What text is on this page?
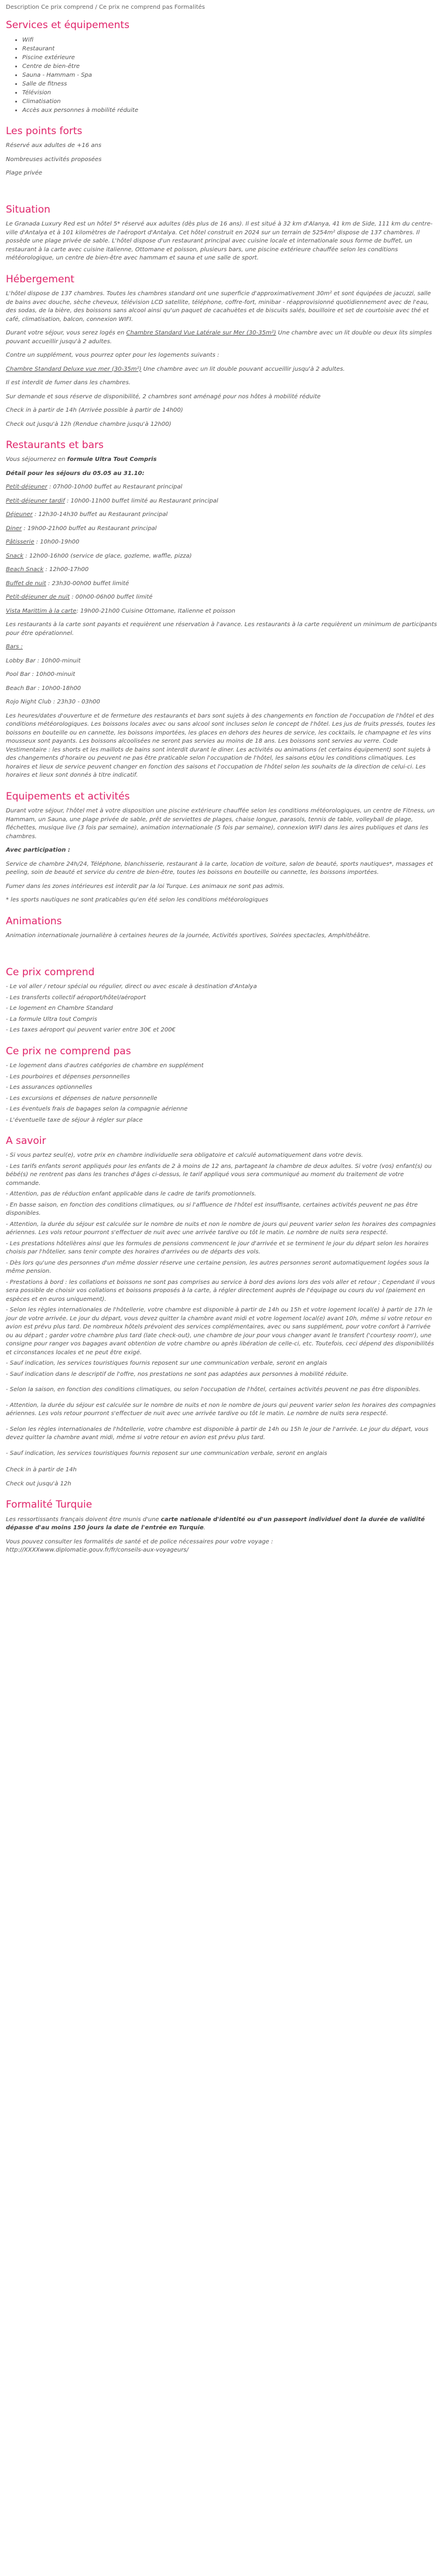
Description Ce prix comprend / Ce prix ne comprend pas Formalités

Services et équipements
• Wifi
• Restaurant
• Piscine extérieure
• Centre de bien-être
• Sauna - Hammam - Spa
• Salle de fitness
• Télévision
• Climatisation
• Accès aux personnes à mobilité réduite
Les points forts

Réservé aux adultes de +16 ans

Nombreuses activités proposées

Plage privée

Situation

Le Granada Luxury Red est un hôtel 5* réservé aux adultes (dès plus de 16 ans). Il est situé à 32 km d'Alanya, 41 km de Side, 111 km du centre-ville d'Antalya et à 101 kilomètres de l'aéroport d'Antalya. Cet hôtel construit en 2024 sur un terrain de 5254m² dispose de 137 chambres. Il possède une plage privée de sable. L'hôtel dispose d'un restaurant principal avec cuisine locale et internationale sous forme de buffet, un restaurant à la carte avec cuisine italienne, Ottomane et poisson, plusieurs bars, une piscine extérieure chauffée selon les conditions météorologique, un centre de bien-être avec hammam et sauna et une salle de sport.

Hébergement

L'hôtel dispose de 137 chambres. Toutes les chambres standard ont une superficie d'approximativement 30m² et sont équipées de jacuzzi, salle de bains avec douche, sèche cheveux, télévision LCD satellite, téléphone, coffre-fort, minibar - réapprovisionné quotidiennement avec de l'eau, des sodas, de la bière, des boissons sans alcool ainsi qu'un paquet de cacahuètes et de biscuits salés, bouilloire et set de courtoisie avec thé et café, climatisation, balcon, connexion WIFI.

Durant votre séjour, vous serez logés en Chambre Standard Vue Latérale sur Mer (30-35m²) Une chambre avec un lit double ou deux lits simples pouvant accueillir jusqu'à 2 adultes.

Contre un supplément, vous pourrez opter pour les logements suivants :

Chambre Standard Deluxe vue mer (30-35m²) Une chambre avec un lit double pouvant accueillir jusqu'à 2 adultes.

Il est interdit de fumer dans les chambres.

Sur demande et sous réserve de disponibilité, 2 chambres sont aménagé pour nos hôtes à mobilité réduite

Check in à partir de 14h (Arrivée possible à partir de 14h00)

Check out jusqu'à 12h (Rendue chambre jusqu'à 12h00)

Restaurants et bars

Vous séjournerez en formule Ultra Tout Compris

Détail pour les séjours du 05.05 au 31.10:

Petit-déjeuner : 07h00-10h00 buffet au Restaurant principal

Petit-déjeuner tardif : 10h00-11h00 buffet limité au Restaurant principal

Déjeuner : 12h30-14h30 buffet au Restaurant principal

Diner : 19h00-21h00 buffet au Restaurant principal

Pâtisserie : 10h00-19h00

Snack : 12h00-16h00 (service de glace, gozleme, waffle, pizza)

Beach Snack : 12h00-17h00

Buffet de nuit : 23h30-00h00 buffet limité

Petit-déjeuner de nuit : 00h00-06h00 buffet limité

Vista Marittim à la carte: 19h00-21h00 Cuisine Ottomane, Italienne et poisson

Les restaurants à la carte sont payants et requièrent une réservation à l'avance. Les restaurants à la carte requièrent un minimum de participants pour être opérationnel.

Bars :

Lobby Bar : 10h00-minuit

Pool Bar : 10h00-minuit

Beach Bar : 10h00-18h00

Rojo Night Club : 23h30 - 03h00

Les heures/dates d'ouverture et de fermeture des restaurants et bars sont sujets à des changements en fonction de l'occupation de l'hôtel et des conditions météorologiques. Les boissons locales avec ou sans alcool sont incluses selon le concept de l'hôtel. Les jus de fruits pressés, toutes les boissons en bouteille ou en cannette, les boissons importées, les glaces en dehors des heures de service, les cocktails, le champagne et les vins mousseux sont payants. Les boissons alcoolisées ne seront pas servies au moins de 18 ans. Les boissons sont servies au verre. Code Vestimentaire : les shorts et les maillots de bains sont interdit durant le diner. Les activités ou animations (et certains équipement) sont sujets à des changements d'horaire ou peuvent ne pas être praticable selon l'occupation de l'hôtel, les saisons et/ou les conditions climatiques. Les horaires et lieux de service peuvent changer en fonction des saisons et l'occupation de l'hôtel selon les souhaits de la direction de celui-ci. Les horaires et lieux sont donnés à titre indicatif.

Equipements et activités

Durant votre séjour, l'hôtel met à votre disposition une piscine extérieure chauffée selon les conditions météorologiques, un centre de Fitness, un Hammam, un Sauna, une plage privée de sable, prêt de serviettes de plages, chaise longue, parasols, tennis de table, volleyball de plage, fléchettes, musique live (3 fois par semaine), animation internationale (5 fois par semaine), connexion WIFI dans les aires publiques et dans les chambres.

Avec participation :

Service de chambre 24h/24, Téléphone, blanchisserie, restaurant à la carte, location de voiture, salon de beauté, sports nautiques*, massages et peeling, soin de beauté et service du centre de bien-être, toutes les boissons en bouteille ou cannette, les boissons importées.

Fumer dans les zones intérieures est interdit par la loi Turque. Les animaux ne sont pas admis.

* les sports nautiques ne sont praticables qu'en été selon les conditions météorologiques

Animations

Animation internationale journalière à certaines heures de la journée, Activités sportives, Soirées spectacles, Amphithéâtre.

Ce prix comprend

- Le vol aller / retour spécial ou régulier, direct ou avec escale à destination d'Antalya

- Les transferts collectif aéroport/hôtel/aéroport

- Le logement en Chambre Standard

- La formule Ultra tout Compris

- Les taxes aéroport qui peuvent varier entre 30€ et 200€

Ce prix ne comprend pas

- Le logement dans d'autres catégories de chambre en supplément

- Les pourboires et dépenses personnelles

- Les assurances optionnelles

- Les excursions et dépenses de nature personnelle

- Les éventuels frais de bagages selon la compagnie aérienne

- L'éventuelle taxe de séjour à régler sur place

A savoir

- Si vous partez seul(e), votre prix en chambre individuelle sera obligatoire et calculé automatiquement dans votre devis.

- Les tarifs enfants seront appliqués pour les enfants de 2 à moins de 12 ans, partageant la chambre de deux adultes. Si votre (vos) enfant(s) ou bébé(s) ne rentrent pas dans les tranches d'âges ci-dessus, le tarif appliqué vous sera communiqué au moment du traitement de votre commande.

- Attention, pas de réduction enfant applicable dans le cadre de tarifs promotionnels.

- En basse saison, en fonction des conditions climatiques, ou si l'affluence de l'hôtel est insuffisante, certaines activités peuvent ne pas être disponibles.

- Attention, la durée du séjour est calculée sur le nombre de nuits et non le nombre de jours qui peuvent varier selon les horaires des compagnies aériennes. Les vols retour pourront s'effectuer de nuit avec une arrivée tardive ou tôt le matin. Le nombre de nuits sera respecté.

- Les prestations hôtelières ainsi que les formules de pensions commencent le jour d'arrivée et se terminent le jour du départ selon les horaires choisis par l'hôtelier, sans tenir compte des horaires d'arrivées ou de départs des vols.

- Dès lors qu'une des personnes d'un même dossier réserve une certaine pension, les autres personnes seront automatiquement logées sous la même pension.

- Prestations à bord : les collations et boissons ne sont pas comprises au service à bord des avions lors des vols aller et retour ; Cependant il vous sera possible de choisir vos collations et boissons proposés à la carte, à régler directement auprès de l'équipage ou cours du vol (paiement en espèces et en euros uniquement).

- Selon les règles internationales de l'hôtellerie, votre chambre est disponible à partir de 14h ou 15h et votre logement local(e) à partir de 17h le jour de votre arrivée. Le jour du départ, vous devez quitter la chambre avant midi et votre logement local(e) avant 10h, même si votre retour en avion est prévu plus tard. De nombreux hôtels prévoient des services complémentaires, avec ou sans supplément, pour votre confort à l'arrivée ou au départ ; garder votre chambre plus tard (late check-out), une chambre de jour pour vous changer avant le transfert ('courtesy room'), une consigne pour ranger vos bagages avant obtention de votre chambre ou après libération de celle-ci, etc. Toutefois, ceci dépend des disponibilités et circonstances locales et ne peut être exigé.

- Sauf indication, les services touristiques fournis reposent sur une communication verbale, seront en anglais

- Sauf indication dans le descriptif de l'offre, nos prestations ne sont pas adaptées aux personnes à mobilité réduite.

- Selon la saison, en fonction des conditions climatiques, ou selon l'occupation de l'hôtel, certaines activités peuvent ne pas être disponibles.

- Attention, la durée du séjour est calculée sur le nombre de nuits et non le nombre de jours qui peuvent varier selon les horaires des compagnies aériennes. Les vols retour pourront s'effectuer de nuit avec une arrivée tardive ou tôt le matin. Le nombre de nuits sera respecté.

- Selon les règles internationales de l'hôtellerie, votre chambre est disponible à partir de 14h ou 15h le jour de l'arrivée. Le jour du départ, vous devez quitter la chambre avant midi, même si votre retour en avion est prévu plus tard.

- Sauf indication, les services touristiques fournis reposent sur une communication verbale, seront en anglais

Check in à partir de 14h

Check out jusqu'à 12h

Formalité Turquie

Les ressortissants français doivent être munis d'une carte nationale d'identité ou d'un passeport individuel dont la durée de validité dépasse d'au moins 150 jours la date de l'entrée en Turquie.

Vous pouvez consulter les formalités de santé et de police nécessaires pour votre voyage :
http://XXXXwww.diplomatie.gouv.fr/fr/conseils-aux-voyageurs/
